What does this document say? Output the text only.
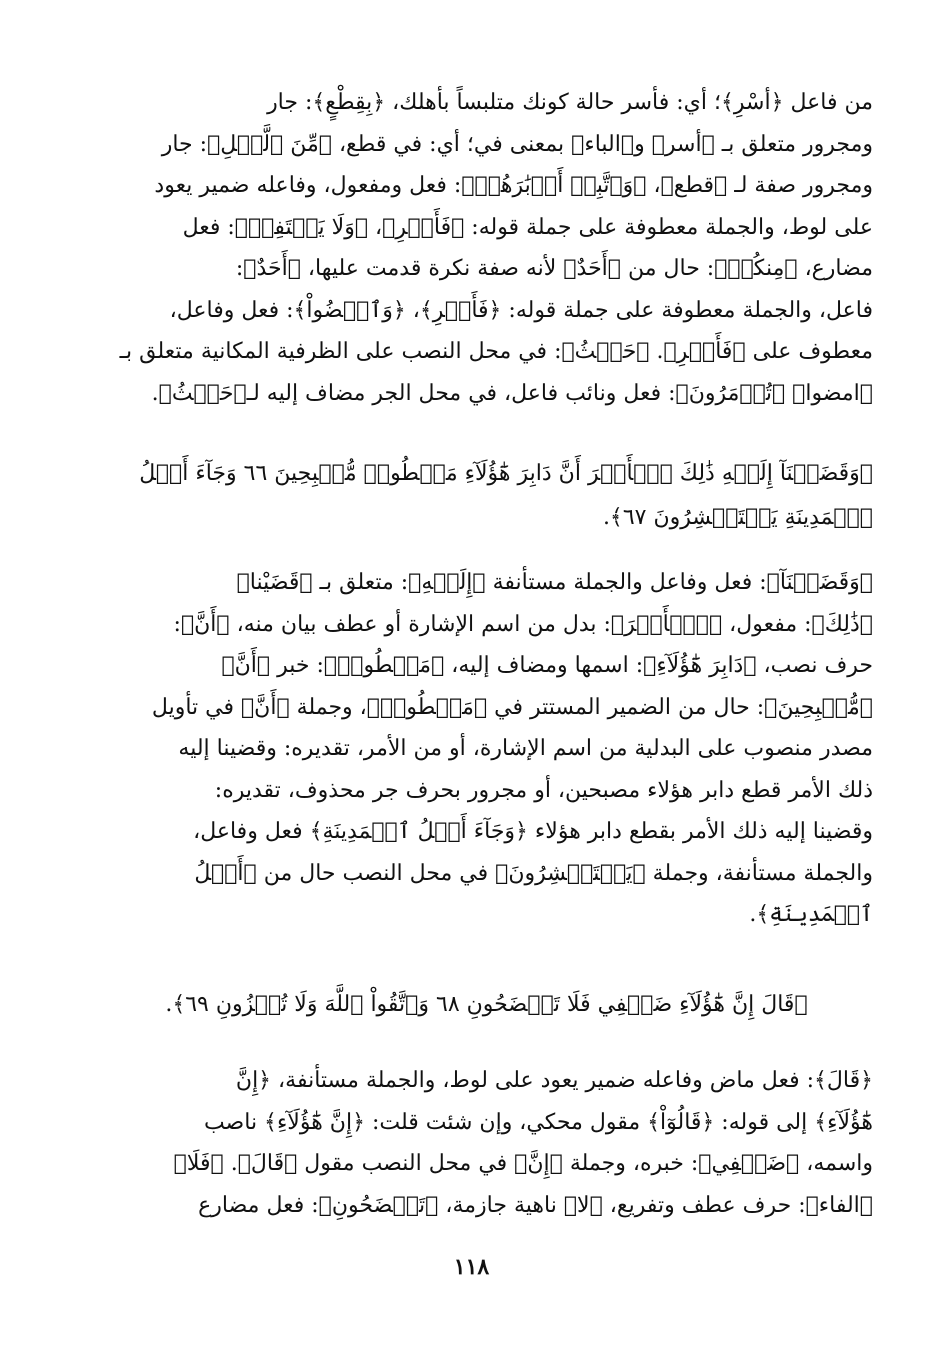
من فاعل ﴿أسْرِ﴾؛ أي: فأسر حالة كونك متلبساً بأهلك، ﴿بِقِطْعٍ﴾: جار

ومجرور متعلق بـ ﴿أسر﴾ و﴿الباء﴾ بمعنى في؛ أي: في قطع، ﴿مِّنَ ٱلَّيۡلِ﴾: جار

ومجرور صفة لـ ﴿قطع﴾، ﴿وَٱتَّبِعۡ أَدۡبَٰرَهُمۡ﴾: فعل ومفعول، وفاعله ضمير يعود

على لوط، والجملة معطوفة على جملة قوله: ﴿فَأَسۡرِ﴾، ﴿وَلَا يَلۡتَفِتۡ﴾: فعل

مضارع، ﴿مِنكُمۡ﴾: حال من ﴿أَحَدٌ﴾ لأنه صفة نكرة قدمت عليها، ﴿أَحَدٌ﴾:

فاعل، والجملة معطوفة على جملة قوله: ﴿فَأَسۡرِ﴾، ﴿وَٱمۡضُواْ﴾: فعل وفاعل،

معطوف على ﴿فَأَسۡرِ﴾. ﴿حَيۡثُ﴾: في محل النصب على الظرفية المكانية متعلق بـ

﴿امضوا﴾ ﴿تُؤۡمَرُونَ﴾: فعل ونائب فاعل، في محل الجر مضاف إليه لـ﴿حَيۡثُ﴾.

﴿وَقَضَيۡنَآ إِلَيۡهِ ذَٰلِكَ ٱلۡأَمۡرَ أَنَّ دَابِرَ هَٰٓؤُلَآءِ مَقۡطُوعٞ مُّصۡبِحِينَ ٦٦ وَجَآءَ أَهۡلُ

ٱلۡمَدِينَةِ يَسۡتَبۡشِرُونَ ٦٧﴾.

﴿وَقَضَيۡنَآ﴾: فعل وفاعل والجملة مستأنفة ﴿إِلَيۡهِ﴾: متعلق بـ ﴿قَضَيْنا﴾

﴿ذَٰلِكَ﴾: مفعول، ﴿ٱلۡأَمۡرَ﴾: بدل من اسم الإشارة أو عطف بيان منه، ﴿أَنَّ﴾:

حرف نصب، ﴿دَابِرَ هَٰٓؤُلَآءِ﴾: اسمها ومضاف إليه، ﴿مَقۡطُوعٞ﴾: خبر ﴿أَنَّ﴾

﴿مُّصۡبِحِينَ﴾: حال من الضمير المستتر في ﴿مَقۡطُوعٞ﴾، وجملة ﴿أَنَّ﴾ في تأويل

مصدر منصوب على البدلية من اسم الإشارة، أو من الأمر، تقديره: وقضينا إليه

ذلك الأمر قطع دابر هؤلاء مصبحين، أو مجرور بحرف جر محذوف، تقديره:

وقضينا إليه ذلك الأمر بقطع دابر هؤلاء ﴿وَجَآءَ أَهۡلُ ٱلۡمَدِينَةِ﴾ فعل وفاعل،

والجملة مستأنفة، وجملة ﴿يَسۡتَبۡشِرُونَ﴾ في محل النصب حال من ﴿أَهۡلُ

ٱلۡمَدِينَةِ﴾.

﴿قَالَ إِنَّ هَٰٓؤُلَآءِ ضَيۡفِي فَلَا تَفۡضَحُونِ ٦٨ وَٱتَّقُواْ ٱللَّهَ وَلَا تُخۡزُونِ ٦٩﴾.

﴿قَالَ﴾: فعل ماض وفاعله ضمير يعود على لوط، والجملة مستأنفة، ﴿إِنَّ

هَٰٓؤُلَآءِ﴾ إلى قوله: ﴿قَالُوٓاْ﴾ مقول محكي، وإن شئت قلت: ﴿إِنَّ هَٰٓؤُلَآءِ﴾ ناصب

واسمه، ﴿ضَيۡفِي﴾: خبره، وجملة ﴿إِنَّ﴾ في محل النصب مقول ﴿قَالَ﴾. ﴿فَلَا﴾

﴿الفاء﴾: حرف عطف وتفريع، ﴿لا﴾ ناهية جازمة، ﴿تَفۡضَحُونِ﴾: فعل مضارع

١١٨
